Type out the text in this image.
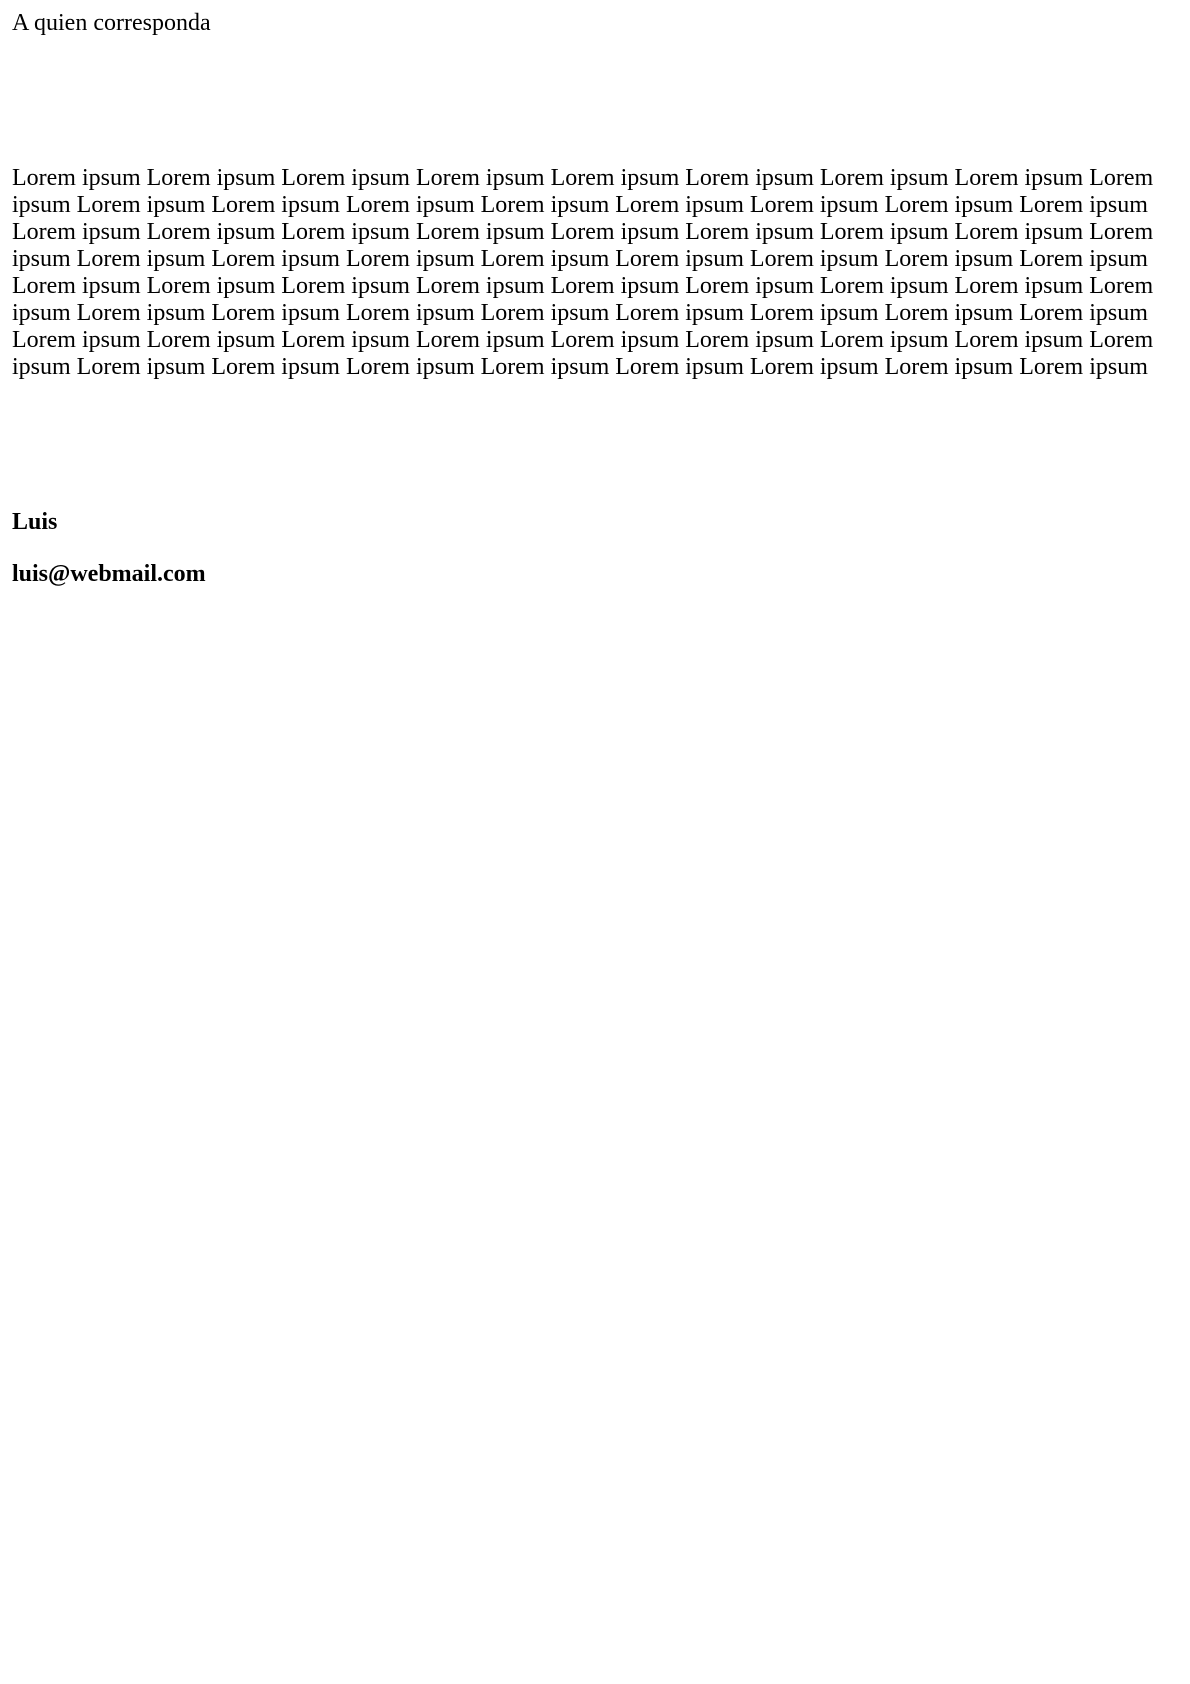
A quien corresponda
Lorem ipsum Lorem ipsum Lorem ipsum Lorem ipsum Lorem ipsum Lorem ipsum Lorem ipsum Lorem ipsum Lorem ipsum Lorem ipsum Lorem ipsum Lorem ipsum Lorem ipsum Lorem ipsum Lorem ipsum Lorem ipsum Lorem ipsum Lorem ipsum Lorem ipsum Lorem ipsum Lorem ipsum Lorem ipsum Lorem ipsum Lorem ipsum Lorem ipsum Lorem ipsum Lorem ipsum Lorem ipsum Lorem ipsum Lorem ipsum Lorem ipsum Lorem ipsum Lorem ipsum Lorem ipsum Lorem ipsum Lorem ipsum Lorem ipsum Lorem ipsum Lorem ipsum Lorem ipsum Lorem ipsum Lorem ipsum Lorem ipsum Lorem ipsum Lorem ipsum Lorem ipsum Lorem ipsum Lorem ipsum Lorem ipsum Lorem ipsum Lorem ipsum Lorem ipsum Lorem ipsum Lorem ipsum Lorem ipsum Lorem ipsum Lorem ipsum Lorem ipsum Lorem ipsum Lorem ipsum Lorem ipsum Lorem ipsum Lorem ipsum Lorem ipsum Lorem ipsum Lorem ipsum Lorem ipsum Lorem ipsum
Luis
luis@webmail.com
